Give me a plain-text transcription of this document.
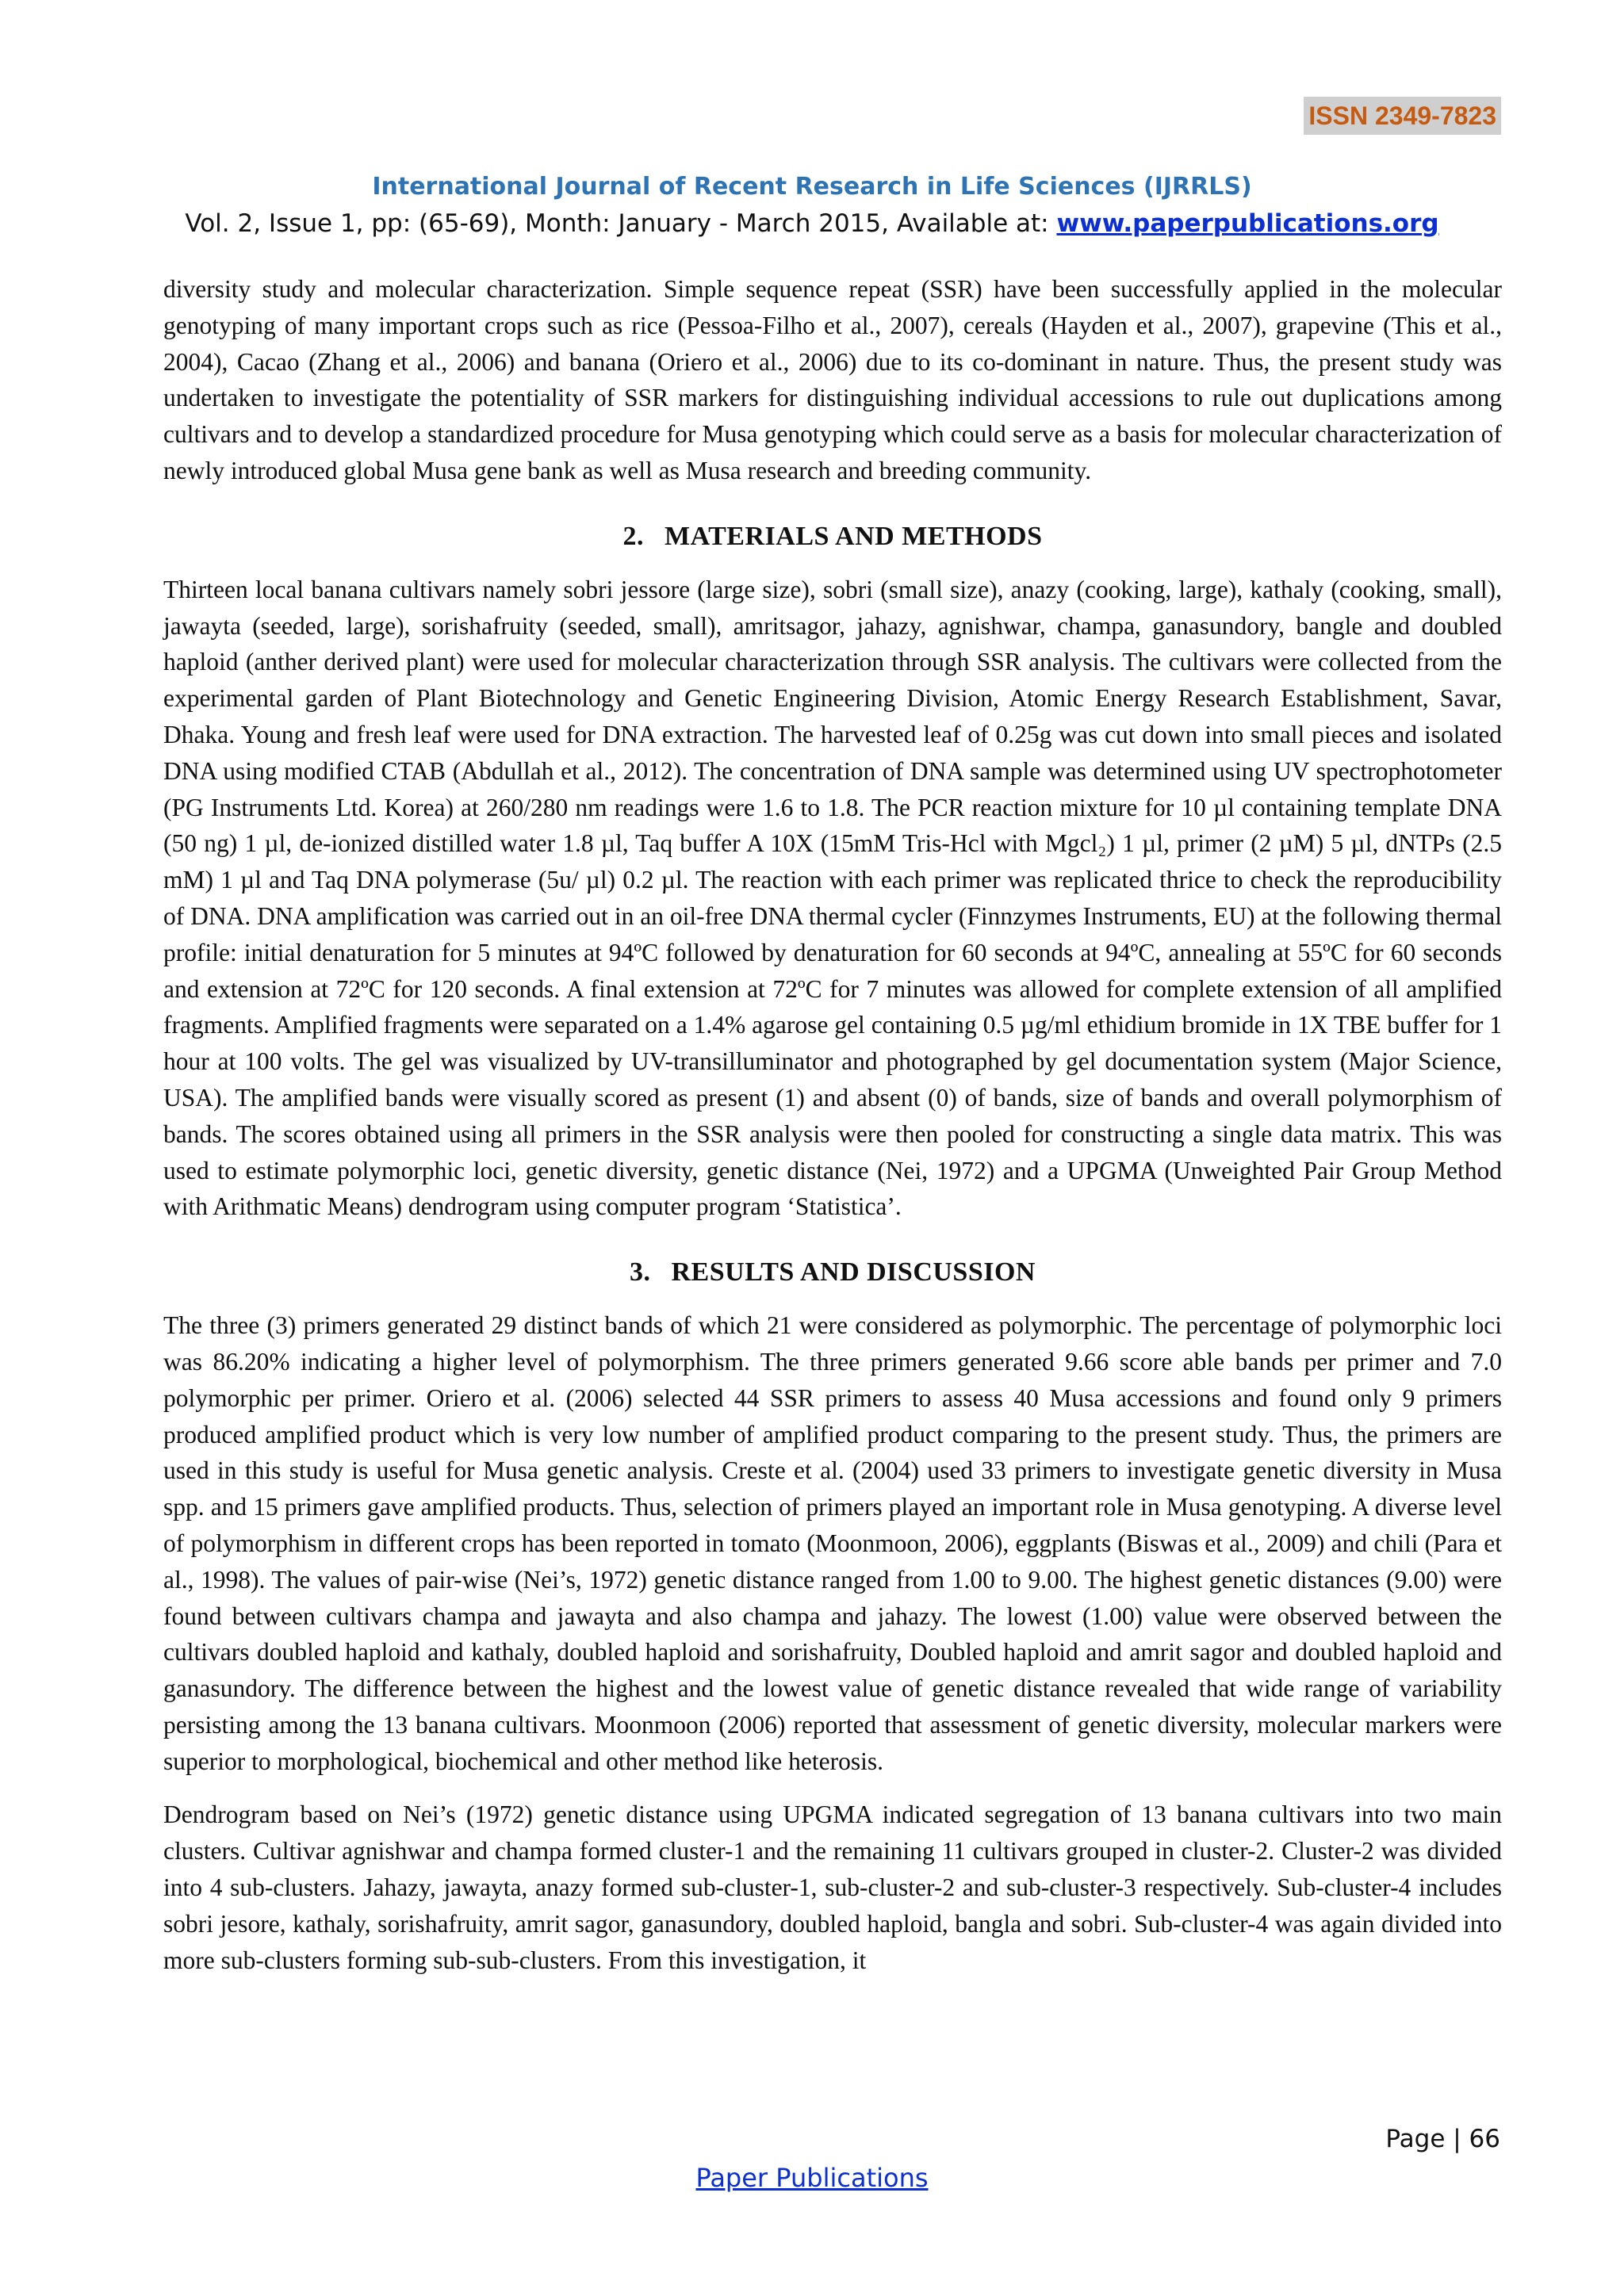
ISSN 2349-7823
International Journal of Recent Research in Life Sciences (IJRRLS)
Vol. 2, Issue 1, pp: (65-69), Month: January - March 2015, Available at: www.paperpublications.org

diversity study and molecular characterization. Simple sequence repeat (SSR) have been successfully applied in the molecular genotyping of many important crops such as rice (Pessoa-Filho et al., 2007), cereals (Hayden et al., 2007), grapevine (This et al., 2004), Cacao (Zhang et al., 2006) and banana (Oriero et al., 2006) due to its co-dominant in nature. Thus, the present study was undertaken to investigate the potentiality of SSR markers for distinguishing individual accessions to rule out duplications among cultivars and to develop a standardized procedure for Musa genotyping which could serve as a basis for molecular characterization of newly introduced global Musa gene bank as well as Musa research and breeding community.

2. MATERIALS AND METHODS

Thirteen local banana cultivars namely sobri jessore (large size), sobri (small size), anazy (cooking, large), kathaly (cooking, small), jawayta (seeded, large), sorishafruity (seeded, small), amritsagor, jahazy, agnishwar, champa, ganasundory, bangle and doubled haploid (anther derived plant) were used for molecular characterization through SSR analysis. The cultivars were collected from the experimental garden of Plant Biotechnology and Genetic Engineering Division, Atomic Energy Research Establishment, Savar, Dhaka. Young and fresh leaf were used for DNA extraction. The harvested leaf of 0.25g was cut down into small pieces and isolated DNA using modified CTAB (Abdullah et al., 2012). The concentration of DNA sample was determined using UV spectrophotometer (PG Instruments Ltd. Korea) at 260/280 nm readings were 1.6 to 1.8. The PCR reaction mixture for 10 µl containing template DNA (50 ng) 1 µl, de-ionized distilled water 1.8 µl, Taq buffer A 10X (15mM Tris-Hcl with Mgcl₂) 1 µl, primer (2 µM) 5 µl, dNTPs (2.5 mM) 1 µl and Taq DNA polymerase (5u/ µl) 0.2 µl. The reaction with each primer was replicated thrice to check the reproducibility of DNA. DNA amplification was carried out in an oil-free DNA thermal cycler (Finnzymes Instruments, EU) at the following thermal profile: initial denaturation for 5 minutes at 94ºC followed by denaturation for 60 seconds at 94ºC, annealing at 55ºC for 60 seconds and extension at 72ºC for 120 seconds. A final extension at 72ºC for 7 minutes was allowed for complete extension of all amplified fragments. Amplified fragments were separated on a 1.4% agarose gel containing 0.5 µg/ml ethidium bromide in 1X TBE buffer for 1 hour at 100 volts. The gel was visualized by UV-transilluminator and photographed by gel documentation system (Major Science, USA). The amplified bands were visually scored as present (1) and absent (0) of bands, size of bands and overall polymorphism of bands. The scores obtained using all primers in the SSR analysis were then pooled for constructing a single data matrix. This was used to estimate polymorphic loci, genetic diversity, genetic distance (Nei, 1972) and a UPGMA (Unweighted Pair Group Method with Arithmatic Means) dendrogram using computer program ‘Statistica’.

3. RESULTS AND DISCUSSION

The three (3) primers generated 29 distinct bands of which 21 were considered as polymorphic. The percentage of polymorphic loci was 86.20% indicating a higher level of polymorphism. The three primers generated 9.66 score able bands per primer and 7.0 polymorphic per primer. Oriero et al. (2006) selected 44 SSR primers to assess 40 Musa accessions and found only 9 primers produced amplified product which is very low number of amplified product comparing to the present study. Thus, the primers are used in this study is useful for Musa genetic analysis. Creste et al. (2004) used 33 primers to investigate genetic diversity in Musa spp. and 15 primers gave amplified products. Thus, selection of primers played an important role in Musa genotyping. A diverse level of polymorphism in different crops has been reported in tomato (Moonmoon, 2006), eggplants (Biswas et al., 2009) and chili (Para et al., 1998). The values of pair-wise (Nei’s, 1972) genetic distance ranged from 1.00 to 9.00. The highest genetic distances (9.00) were found between cultivars champa and jawayta and also champa and jahazy. The lowest (1.00) value were observed between the cultivars doubled haploid and kathaly, doubled haploid and sorishafruity, Doubled haploid and amrit sagor and doubled haploid and ganasundory. The difference between the highest and the lowest value of genetic distance revealed that wide range of variability persisting among the 13 banana cultivars. Moonmoon (2006) reported that assessment of genetic diversity, molecular markers were superior to morphological, biochemical and other method like heterosis.

Dendrogram based on Nei’s (1972) genetic distance using UPGMA indicated segregation of 13 banana cultivars into two main clusters. Cultivar agnishwar and champa formed cluster-1 and the remaining 11 cultivars grouped in cluster-2. Cluster-2 was divided into 4 sub-clusters. Jahazy, jawayta, anazy formed sub-cluster-1, sub-cluster-2 and sub-cluster-3 respectively. Sub-cluster-4 includes sobri jesore, kathaly, sorishafruity, amrit sagor, ganasundory, doubled haploid, bangla and sobri. Sub-cluster-4 was again divided into more sub-clusters forming sub-sub-clusters. From this investigation, it

Page | 66
Paper Publications
